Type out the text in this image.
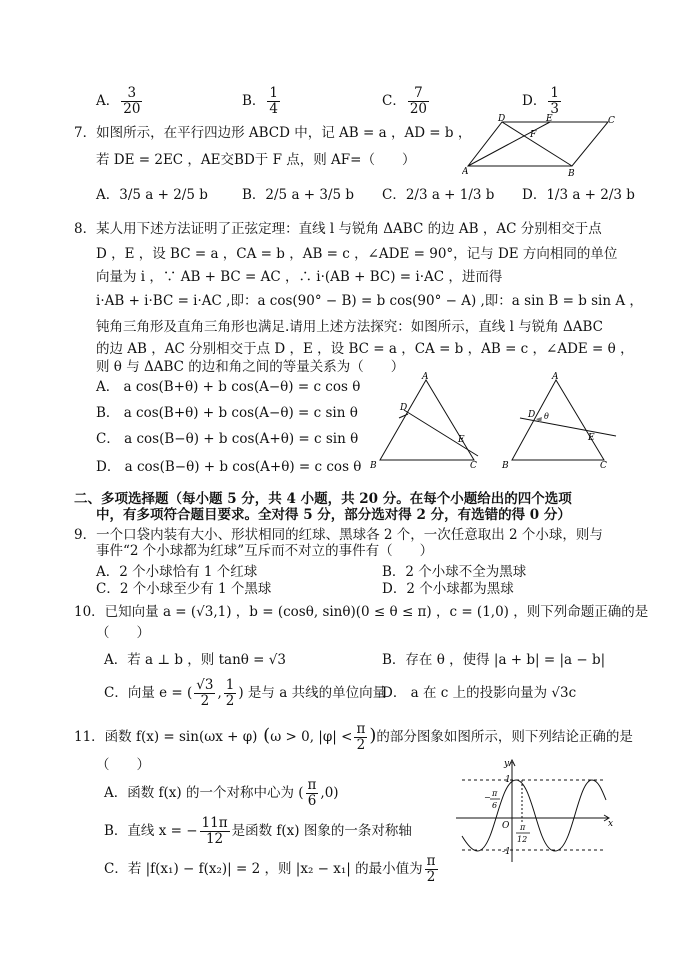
A． $\frac{3}{20}$	B． $\frac{1}{4}$	C． $\frac{7}{20}$	D． $\frac{1}{3}$
7．如图所示，在平行四边形 ABCD 中，记 AB = a ，AD = b ，
若 DE = 2EC ，AE交BD于 F 点，则 AF=（　　）
A．3/5 a + 2/5 b	B．2/5 a + 3/5 b C．2/3 a + 1/3 b D．1/3 a + 2/3 b
D	E	C
F
A	B
8．某人用下述方法证明了正弦定理：直线 l 与锐角 ΔABC 的边 AB ，AC 分别相交于点
D ，E ，设 BC = a ，CA = b ，AB = c ，∠ADE = 90°，记与 DE 方向相同的单位
向量为 i ，∵ AB + BC = AC ，∴ i·(AB + BC) = i·AC ，进而得
i·AB + i·BC = i·AC ,即：a cos(90° − B) = b cos(90° − A) ,即：a sin B = b sin A ，
钝角三角形及直角三角形也满足.请用上述方法探究：如图所示，直线 l 与锐角 ΔABC
的边 AB ，AC 分别相交于点 D ，E ，设 BC = a ，CA = b ，AB = c ，∠ADE = θ ，
则 θ 与 ΔABC 的边和角之间的等量关系为（　　）
A． a cos(B+θ) + b cos(A−θ) = c cos θ
B． a cos(B+θ) + b cos(A−θ) = c sin θ
C． a cos(B−θ) + b cos(A+θ) = c sin θ
D． a cos(B−θ) + b cos(A+θ) = c cos θ
A
D
E
B	C
A
D θ
E
B	C
二、多项选择题（每小题 5 分，共 4 小题，共 20 分。在每个小题给出的四个选项
中，有多项符合题目要求。全对得 5 分，部分选对得 2 分，有选错的得 0 分）
9．一个口袋内装有大小、形状相同的红球、黑球各 2 个，一次任意取出 2 个小球，则与
事件“2 个小球都为红球”互斥而不对立的事件有（　　）
A．2 个小球恰有 1 个红球	B．2 个小球不全为黑球
C．2 个小球至少有 1 个黑球	D．2 个小球都为黑球
10．已知向量 a = (√3,1) ，b = (cosθ, sinθ)(0 ≤ θ ≤ π) ，c = (1,0) ，则下列命题正确的是
（　　）
A．若 a ⊥ b ，则 tanθ = √3	B．存在 θ ，使得 |a + b| = |a − b|
C．向量 e = ( $\frac{√3}{2}$ , $\frac{1}{2}$ ) 是与 a 共线的单位向量
D． a 在 c 上的投影向量为 √3c
11．函数 f(x) = sin(ωx + φ) (ω > 0, $|\varphi| < \frac{\pi}{2}$ )的部分图象如图所示，则下列结论正确的是
（　　）
A．函数 f(x) 的一个对称中心为 ( $\frac{\pi}{6} ,0$)
B．直线 x = − $\frac{11\pi}{12}$ 是函数 f(x) 图象的一条对称轴
C．若 |f(x₁) − f(x₂)| = 2 ，则 |x₂ − x₁| 的最小值为 $\frac{\pi}{2}$
y
x
O
1
-1
− π
6
π
12
